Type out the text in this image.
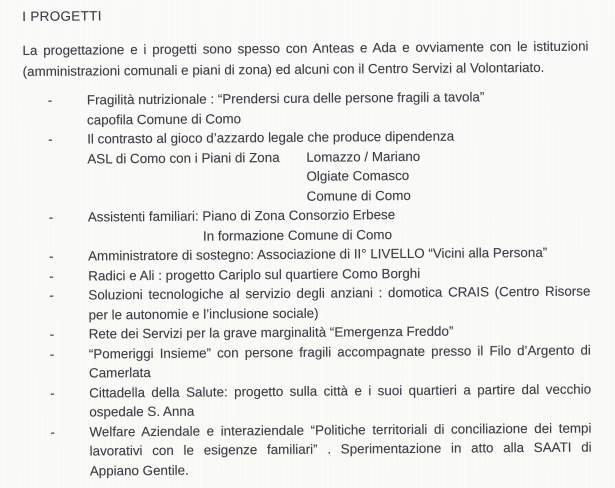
I PROGETTI

La progettazione e i progetti sono spesso con Anteas e Ada e ovviamente con le istituzioni
(amministrazioni comunali e piani di zona) ed alcuni con il Centro Servizi al Volontariato.

-	Fragilità nutrizionale : “Prendersi cura delle persone fragili a tavola”
capofila Comune di Como
-	Il contrasto al gioco d’azzardo legale che produce dipendenza
ASL di Como con i Piani di Zona Lomazzo / Mariano
Olgiate Comasco
Comune di Como
-	Assistenti familiari: Piano di Zona Consorzio Erbese
In formazione Comune di Como
-	Amministratore di sostegno: Associazione di II° LIVELLO “Vicini alla Persona”
-	Radici e Ali : progetto Cariplo sul quartiere Como Borghi
-	Soluzioni tecnologiche al servizio degli anziani : domotica CRAIS (Centro Risorse
per le autonomie e l’inclusione sociale)
-	Rete dei Servizi per la grave marginalità “Emergenza Freddo”
-	“Pomeriggi Insieme” con persone fragili accompagnate presso il Filo d’Argento di
Camerlata
-	Cittadella della Salute: progetto sulla città e i suoi quartieri a partire dal vecchio
ospedale S. Anna
-	Welfare Aziendale e interaziendale “Politiche territoriali di conciliazione dei tempi
lavorativi con le esigenze familiari” . Sperimentazione in atto alla SAATI di
Appiano Gentile.
